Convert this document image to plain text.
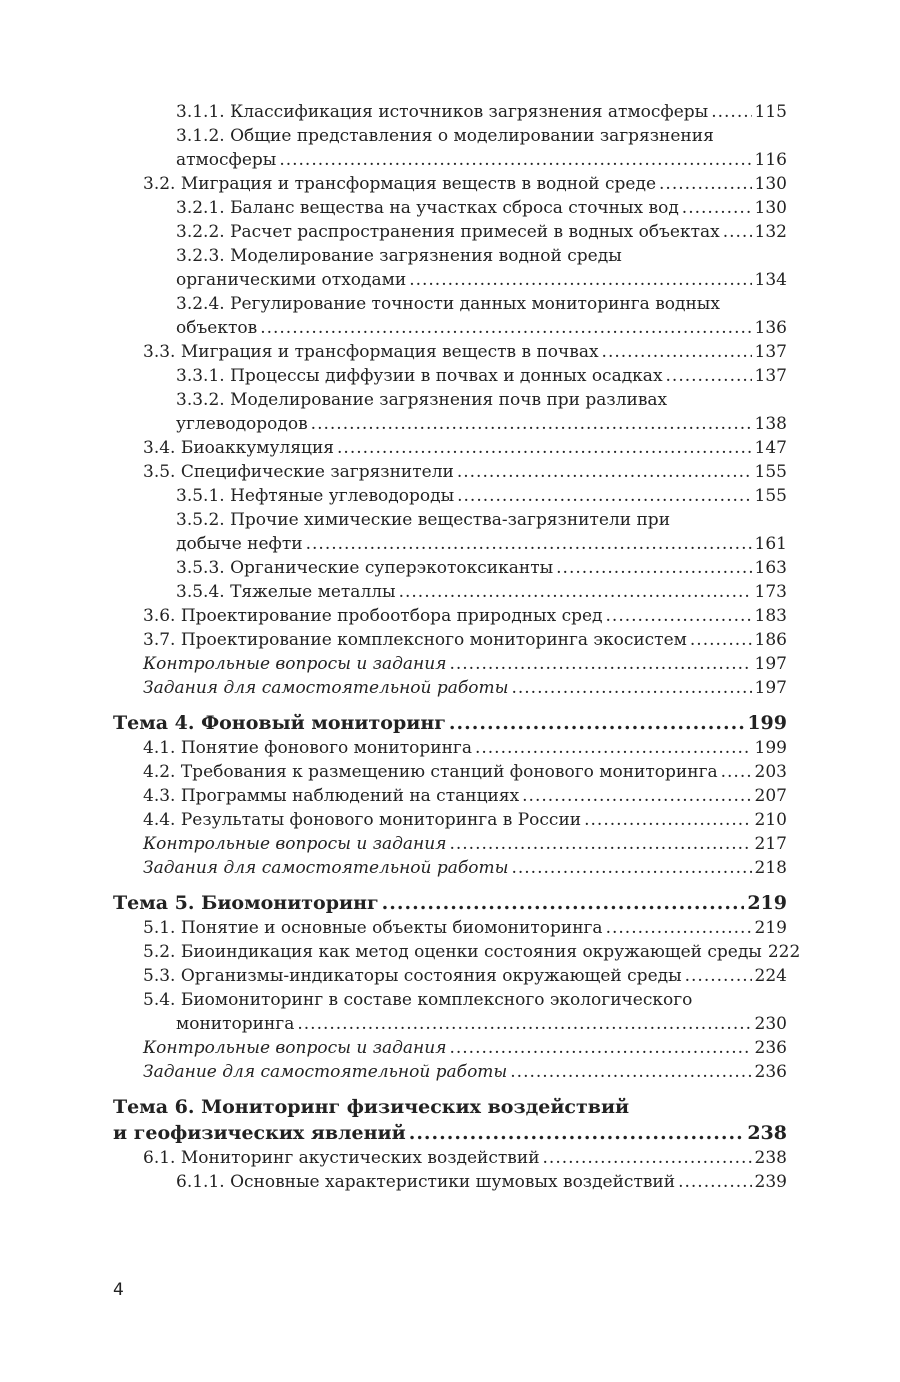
3.1.1. Классификация источников загрязнения атмосферы .....	115
3.1.2. Общие представления о моделировании загрязнения
атмосферы .....	116
3.2. Миграция и трансформация веществ в водной среде .....	130
3.2.1. Баланс вещества на участках сброса сточных вод .....	130
3.2.2. Расчет распространения примесей в водных объектах ..... 132
3.2.3. Моделирование загрязнения водной среды
органическими отходами .....	134
3.2.4. Регулирование точности данных мониторинга водных
объектов .....	136
3.3. Миграция и трансформация веществ в почвах .....	137
3.3.1. Процессы диффузии в почвах и донных осадках .....	137
3.3.2. Моделирование загрязнения почв при разливах
углеводородов .....	138
3.4. Биоаккумуляция .....	147
3.5. Специфические загрязнители .....	155
3.5.1. Нефтяные углеводороды .....	155
3.5.2. Прочие химические вещества-загрязнители при
добыче нефти .....	161
3.5.3. Органические суперэкотоксиканты .....	163
3.5.4. Тяжелые металлы .....	173
3.6. Проектирование пробоотбора природных сред .....	183
3.7. Проектирование комплексного мониторинга экосистем .....	186
Контрольные вопросы и задания .....	197
Задания для самостоятельной работы .....	197
Тема 4. Фоновый мониторинг .....	199
4.1. Понятие фонового мониторинга .....	199
4.2. Требования к размещению станций фонового мониторинга ..... 203
4.3. Программы наблюдений на станциях .....	207
4.4. Результаты фонового мониторинга в России .....	210
Контрольные вопросы и задания .....	217
Задания для самостоятельной работы .....	218
Тема 5. Биомониторинг .....	219
5.1. Понятие и основные объекты биомониторинга .....	219
5.2. Биоиндикация как метод оценки состояния окружающей среды 222
5.3. Организмы-индикаторы состояния окружающей среды .....	224
5.4. Биомониторинг в составе комплексного экологического
мониторинга .....	230
Контрольные вопросы и задания .....	236
Задание для самостоятельной работы .....	236
Тема 6. Мониторинг физических воздействий
и геофизических явлений .....	238
6.1. Мониторинг акустических воздействий .....	238
6.1.1. Основные характеристики шумовых воздействий .....	239
4
